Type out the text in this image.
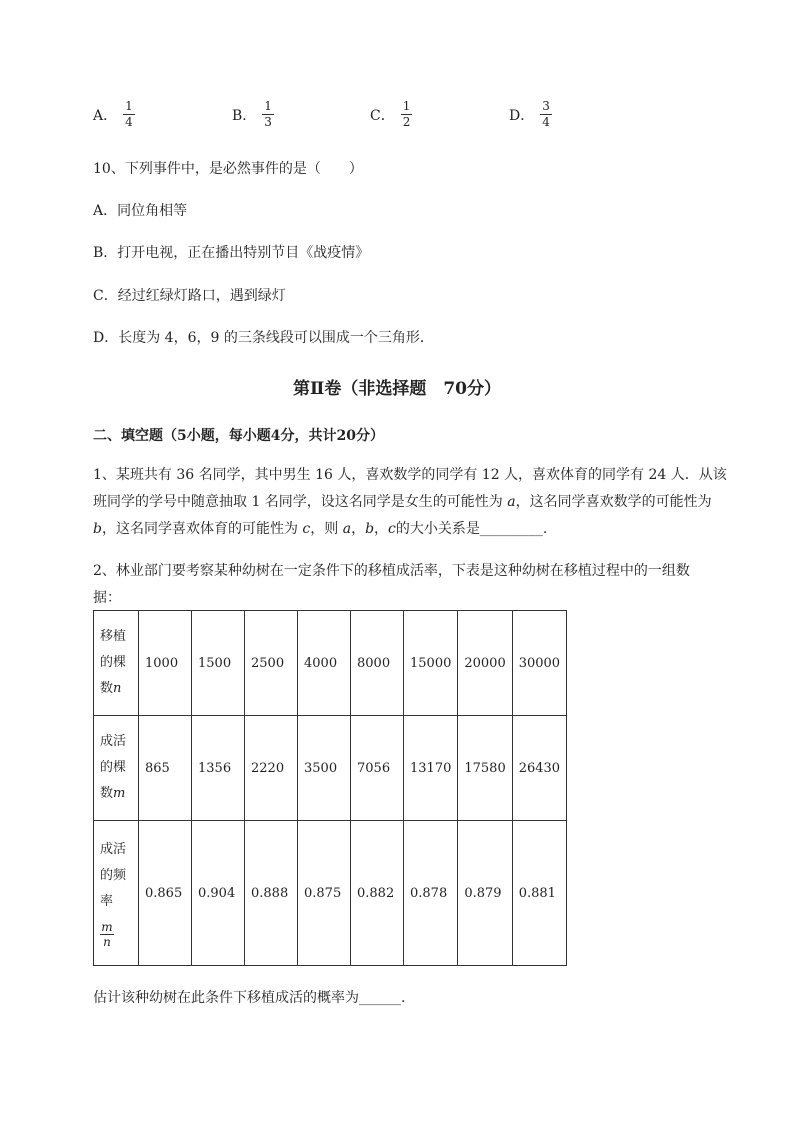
A． $\frac{1}{4}$	B． $\frac{1}{3}$	C． $\frac{1}{2}$	D． $\frac{3}{4}$
10、下列事件中，是必然事件的是（　　）
A．同位角相等
B．打开电视，正在播出特别节目《战疫情》
C．经过红绿灯路口，遇到绿灯
D．长度为 4，6，9 的三条线段可以围成一个三角形．
第Ⅱ卷（非选择题　70分）
二、填空题（5小题，每小题4分，共计20分）
1、某班共有 36 名同学，其中男生 16 人，喜欢数学的同学有 12 人，喜欢体育的同学有 24 人．从该
班同学的学号中随意抽取 1 名同学，设这名同学是女生的可能性为 a，这名同学喜欢数学的可能性为
b，这名同学喜欢体育的可能性为 c，则 a，b，c的大小关系是_________.
2、林业部门要考察某种幼树在一定条件下的移植成活率，下表是这种幼树在移植过程中的一组数
据：
移植
的棵
数n	1000	1500	2500	4000	8000	15000	20000	30000

成活
的棵
数m	865	1356	2220	3500	7056	13170	17580	26430

成活
的频
率
$\frac{m}{n}$	0.865	0.904	0.888	0.875	0.882	0.878	0.879	0.881
估计该种幼树在此条件下移植成活的概率为______.
